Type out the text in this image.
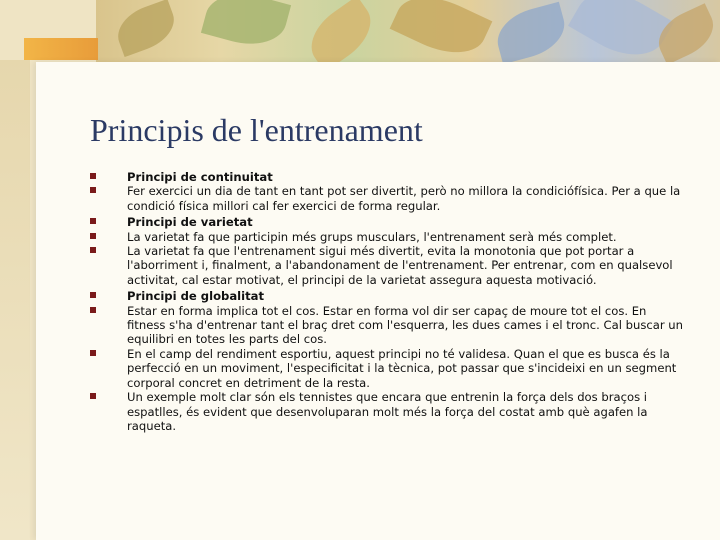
Principis de l'entrenament
Principi de continuitat
Fer exercici un dia de tant en tant pot ser divertit, però no millora la condiciófísica. Per a que la condició física millori cal fer exercici de forma regular.
Principi de varietat
La varietat fa que participin més grups musculars, l'entrenament serà més complet.
La varietat fa que l'entrenament sigui més divertit, evita la monotonia que pot portar a l'aborriment i, finalment, a l'abandonament de l'entrenament. Per entrenar, com en qualsevol activitat, cal estar motivat, el principi de la varietat assegura aquesta motivació.
Principi de globalitat
Estar en forma implica tot el cos. Estar en forma vol dir ser capaç de moure tot el cos. En fitness s'ha d'entrenar tant el braç dret com l'esquerra, les dues cames i el tronc. Cal buscar un equilibri en totes les parts del cos.
En el camp del rendiment esportiu, aquest principi no té validesa. Quan el que es busca és la perfecció en un moviment, l'especificitat i la tècnica, pot passar que s'incideixi en un segment corporal concret en detriment de la resta.
Un exemple molt clar són els tennistes que encara que entrenin la força dels dos braços i espatlles, és evident que desenvoluparan molt més la força del costat amb què agafen la raqueta.
